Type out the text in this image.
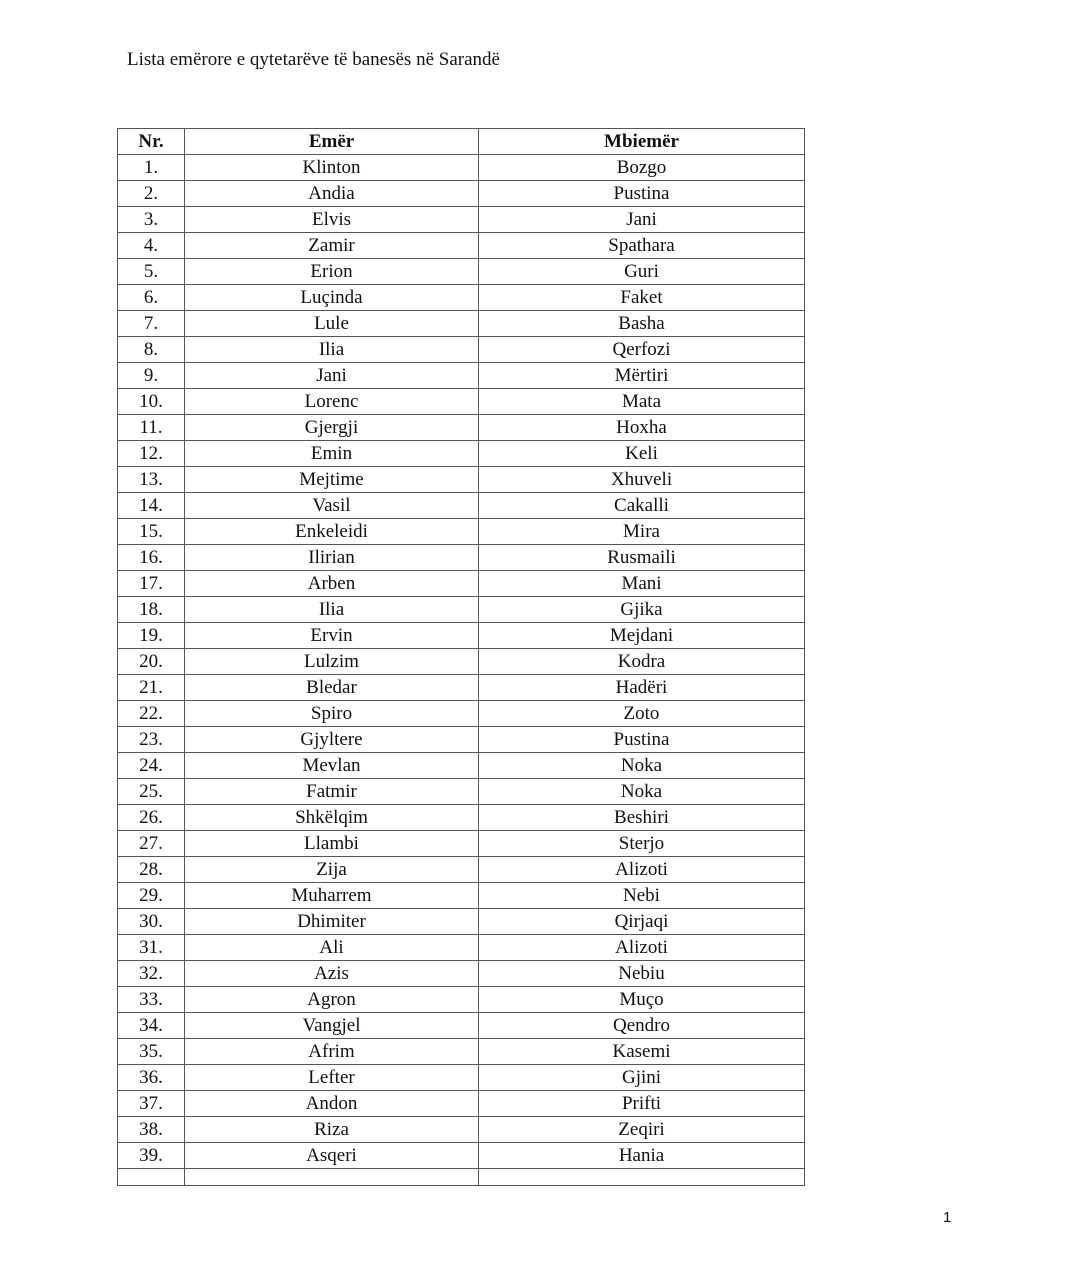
Lista emërore e qytetarëve të banesës në Sarandë
Nr.	Emër	Mbiemër
1.	Klinton	Bozgo
2.	Andia	Pustina
3.	Elvis	Jani
4.	Zamir	Spathara
5.	Erion	Guri
6.	Luçinda	Faket
7.	Lule	Basha
8.	Ilia	Qerfozi
9.	Jani	Mërtiri
10.	Lorenc	Mata
11.	Gjergji	Hoxha
12.	Emin	Keli
13.	Mejtime	Xhuveli
14.	Vasil	Cakalli
15.	Enkeleidi	Mira
16.	Ilirian	Rusmaili
17.	Arben	Mani
18.	Ilia	Gjika
19.	Ervin	Mejdani
20.	Lulzim	Kodra
21.	Bledar	Hadëri
22.	Spiro	Zoto
23.	Gjyltere	Pustina
24.	Mevlan	Noka
25.	Fatmir	Noka
26.	Shkëlqim	Beshiri
27.	Llambi	Sterjo
28.	Zija	Alizoti
29.	Muharrem	Nebi
30.	Dhimiter	Qirjaqi
31.	Ali	Alizoti
32.	Azis	Nebiu
33.	Agron	Muço
34.	Vangjel	Qendro
35.	Afrim	Kasemi
36.	Lefter	Gjini
37.	Andon	Prifti
38.	Riza	Zeqiri
39.	Asqeri	Hania

1
